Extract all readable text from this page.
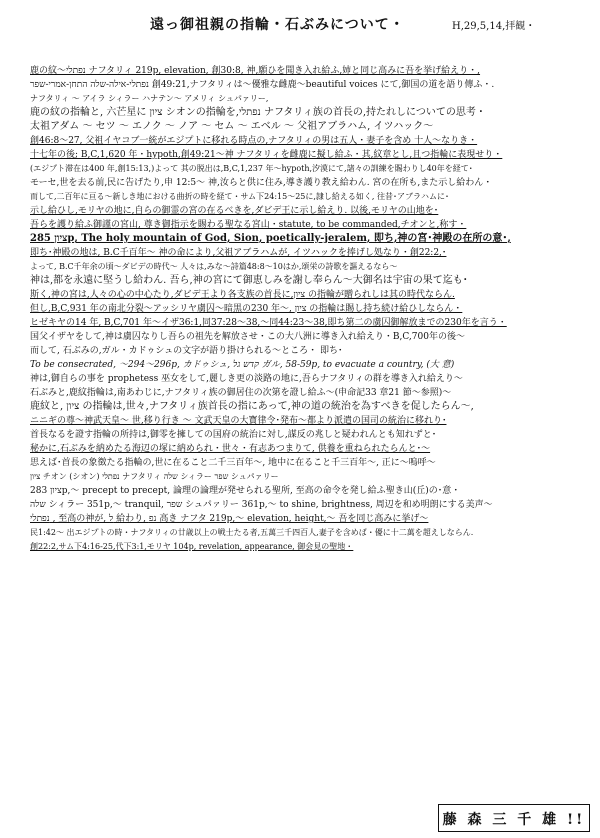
遠っ御祖親の指輪・石ぶみについて・	H,29,5,14,拝観・
鹿の紋～נפתלי ナフタリィ 219p, elevation, 創30:8, 神,願ひを聞き入れ給ふ,姉と同じ高みに吾を挙げ給えり・,
נפתלי-אילה-שלה התחן-אמרי-שפר 創49:21,ナフタリィは～優雅な雌鹿～beautiful voices にて,御国の道を語り傳ふ・.
ナフタリィ ～ アイラ シィラー ハナテン～ アメリィ シュパァリー,
鹿の紋の指輪と, 六芒星に ציון シオンの指輪を,נפתלי ナフタリィ族の首長の,持たれしについての思考・
太祖アダム ～ セツ ～ エノク ～ ノア ～ セム ～ エベル ～ 父祖アブラハム, イツハック～
創46:8～27, 父祖イヤコブ一統がエジプトに移れる時点の,ナフタリィの男は五人・妻子を含め 十人～なりき・
十七年の後; B,C,1,620 年・hypoth,創49:21～神 ナフタリィを雌鹿に擬し給ふ・其,紋章とし,且つ指輪に表現せり・
(エジプト滞在は400 年,創15:13,)よって 其の脱出は,B,C,1,237 年～hypoth,汐漠にて,諸々の訓練を賜わりし40年を経て･
モーセ,世を去る前,民に告げたり,申 12:5～ 神,汝らと供に住み,導き護り教え給わん. 宮の在所も,また示し給わん・
而して,二百年に亘る～新しき地における曲折の時を経て・サム下24:15～25に,隷し給える如く, 往昔･アブラハムに･
示し給ひし,モリヤの地に,自らの御霊の宮の在るべきを,ダビデ王に示し給えり. 以後,モリヤの山地を･
吾らを護り給ふ御謹の宮山, 尊き御指示を賜わる聖なる宮山・statute, to be commanded,チオンと,称す・
ציון 285p, The holy mountain of God, Sion, poetically-jeralem, 即ち,神の宮･神殿の在所の意･,
即ち･神殿の地は, B.C千百年～ 神の命により,父祖アブラハムが, イツハックを捧げし処なり・創22:2,･
よって, B.C千年余の頃～ダビデの時代～ 人々は,みな～詩篇48:8～10はか,頌栄の詩歌を謳えるなら～
神は,都を永遠に堅うし給わん. 吾ら,神の宮にて御恵しみを謝し奉らん～大御名は宇宙の果て迄も･
斯く,神の宮は,人々の心の中心たり,ダビデ王より各支族の首長に,ציון の指輪が贈られしは其の時代ならん.
但し,B,C,931 年の南北分裂～アッシリヤ虜囚～暗黒の230 年～, ציון の指輪は賜し持ち続け給ひしならん・
ヒゼキヤの14 年, B,C,701 年～イザ36:1,同37:28～38,～同44:23～38,即ち第二の虜囚御解放までの230年を言う・
国父イザヤをして,神は虜囚なりし吾らの祖先を解放させ・この大八洲に導き入れ給えり・B,C,700年の後～
而して, 石ぶみの,ガル・カドゥシュの文字が語り掛けられる～ところ・ 即ち･
To be consecrated, ～294～296p, カドゥシュ, קדש גל ガル, 58-59p, to evacuate a country, (大 意)
神は,御自らの事を prophetess 巫女をして,麗しき更の淡路の地に,吾らナフタリィの群を導き入れ給えり～
石ぶみと,鹿紋指輪は,南あわじに,ナフタリィ族の御居住の次第を證し給ふ～(申命記33 章21 節～参照)～
鹿紋と, ציון の指輪は,世々,ナフタリィ族首長の指にあって,神の道の統治を為すべきを促したらん～,
ニニギの尊～神武天皇～ 世,移り行き ～ 文武天皇の大寳律令･発布～都より派遣の国司の統治に移れり･
首長なるを證す指輪の所持は,御零を擁しての国府の統治に対し,謀反の兆しと疑われんとも知れずと･
秘かに,石ぶみを納めたる海辺の塚に納められ・世々・有志あつまりて, 供養を重ねられたらんと･～
思えば･首長の象徴たる指輪の,世に在ること二千三百年～, 地中に在ること千三百年～, 正に～嗚呼～
ציון チオン (シオン) נפתלי ナフタリィ שלה シィラー שפר シュパァリー
ציון 283p,～ precept to precept, 論理の論理が発せられる聖所, 至高の命令を発し給ふ聖き山(丘)の･意・
שלה シィラー 351p,～ tranquil, שפר シュパァリー 361p,～ to shine, brightness, 周辺を和め明朗にする美声～
נפתלי , 至高の神が, ל 給わり, נפ 高き ナフタ 219p,～ elevation, height,～ 吾を同じ高みに挙げ～
民1:42～ 出エジプトの時・ナフタリィの廿歳以上の戦士たる者,五萬三千四百人,妻子を含めば・優に十二萬を超えしならん.
創22:2,サム下4:16-25,代下3:1,モリヤ 104p, revelation, appearance, 御会見の聖地・
藤 森 三 千 雄 !!
